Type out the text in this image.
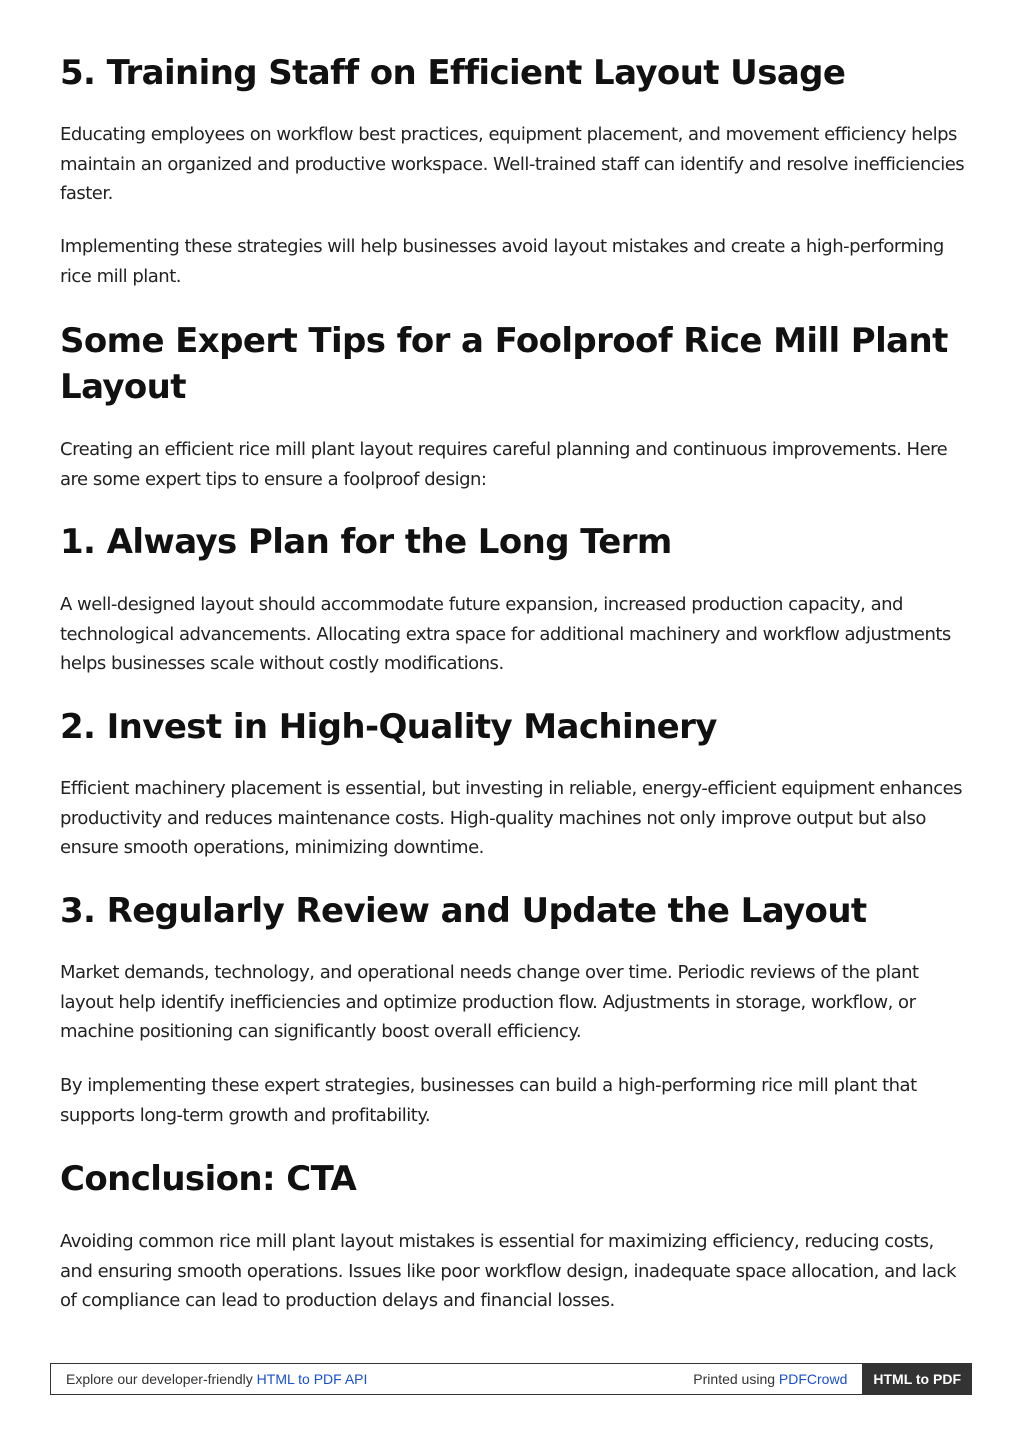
5. Training Staff on Efficient Layout Usage

Educating employees on workflow best practices, equipment placement, and movement efficiency helps maintain an organized and productive workspace. Well-trained staff can identify and resolve inefficiencies faster.

Implementing these strategies will help businesses avoid layout mistakes and create a high-performing rice mill plant.

Some Expert Tips for a Foolproof Rice Mill Plant Layout

Creating an efficient rice mill plant layout requires careful planning and continuous improvements. Here are some expert tips to ensure a foolproof design:

1. Always Plan for the Long Term

A well-designed layout should accommodate future expansion, increased production capacity, and technological advancements. Allocating extra space for additional machinery and workflow adjustments helps businesses scale without costly modifications.

2. Invest in High-Quality Machinery

Efficient machinery placement is essential, but investing in reliable, energy-efficient equipment enhances productivity and reduces maintenance costs. High-quality machines not only improve output but also ensure smooth operations, minimizing downtime.

3. Regularly Review and Update the Layout

Market demands, technology, and operational needs change over time. Periodic reviews of the plant layout help identify inefficiencies and optimize production flow. Adjustments in storage, workflow, or machine positioning can significantly boost overall efficiency.

By implementing these expert strategies, businesses can build a high-performing rice mill plant that supports long-term growth and profitability.

Conclusion: CTA

Avoiding common rice mill plant layout mistakes is essential for maximizing efficiency, reducing costs, and ensuring smooth operations. Issues like poor workflow design, inadequate space allocation, and lack of compliance can lead to production delays and financial losses.

Explore our developer-friendly HTML to PDF API	Printed using PDFCrowd	HTML to PDF
